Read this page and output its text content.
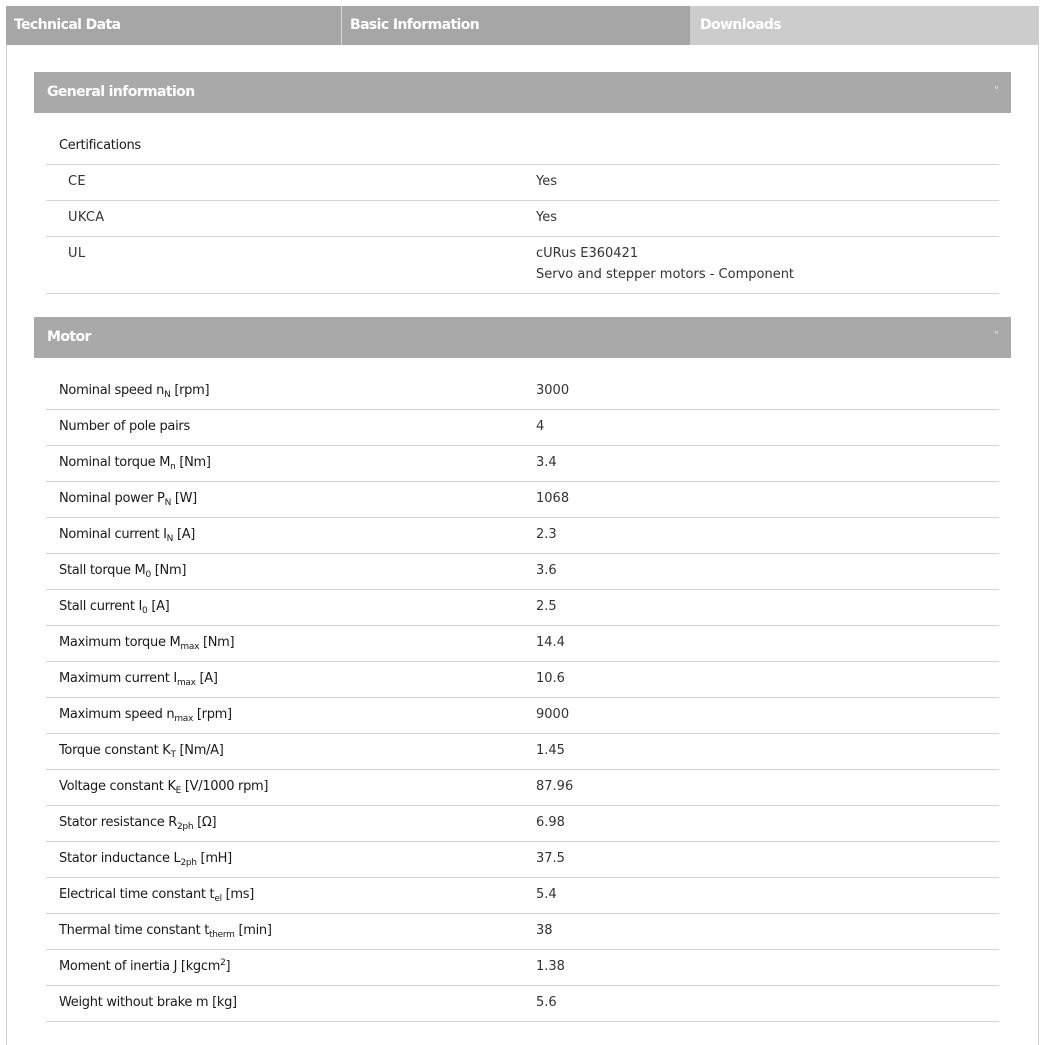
Technical Data	Basic Information	Downloads
General information	˅
Certifications
CE	Yes
UKCA	Yes
UL	cURus E360421
Servo and stepper motors - Component
Motor	˅
Nominal speed $n_N$ [rpm]	3000
Number of pole pairs	4
Nominal torque $M_n$ [Nm]	3.4
Nominal power $P_N$ [W]	1068
Nominal current $I_N$ [A]	2.3
Stall torque $M_0$ [Nm]	3.6
Stall current $I_0$ [A]	2.5
Maximum torque $M_{max}$ [Nm]	14.4
Maximum current $I_{max}$ [A]	10.6
Maximum speed $n_{max}$ [rpm]	9000
Torque constant $K_T$ [Nm/A]	1.45
Voltage constant $K_E$ [V/1000 rpm]	87.96
Stator resistance $R_{2ph}$ [Ω]	6.98
Stator inductance $L_{2ph}$ [mH]	37.5
Electrical time constant $t_{el}$ [ms]	5.4
Thermal time constant $t_{therm}$ [min]	38
Moment of inertia J [kgcm$^2$]	1.38
Weight without brake m [kg]	5.6
